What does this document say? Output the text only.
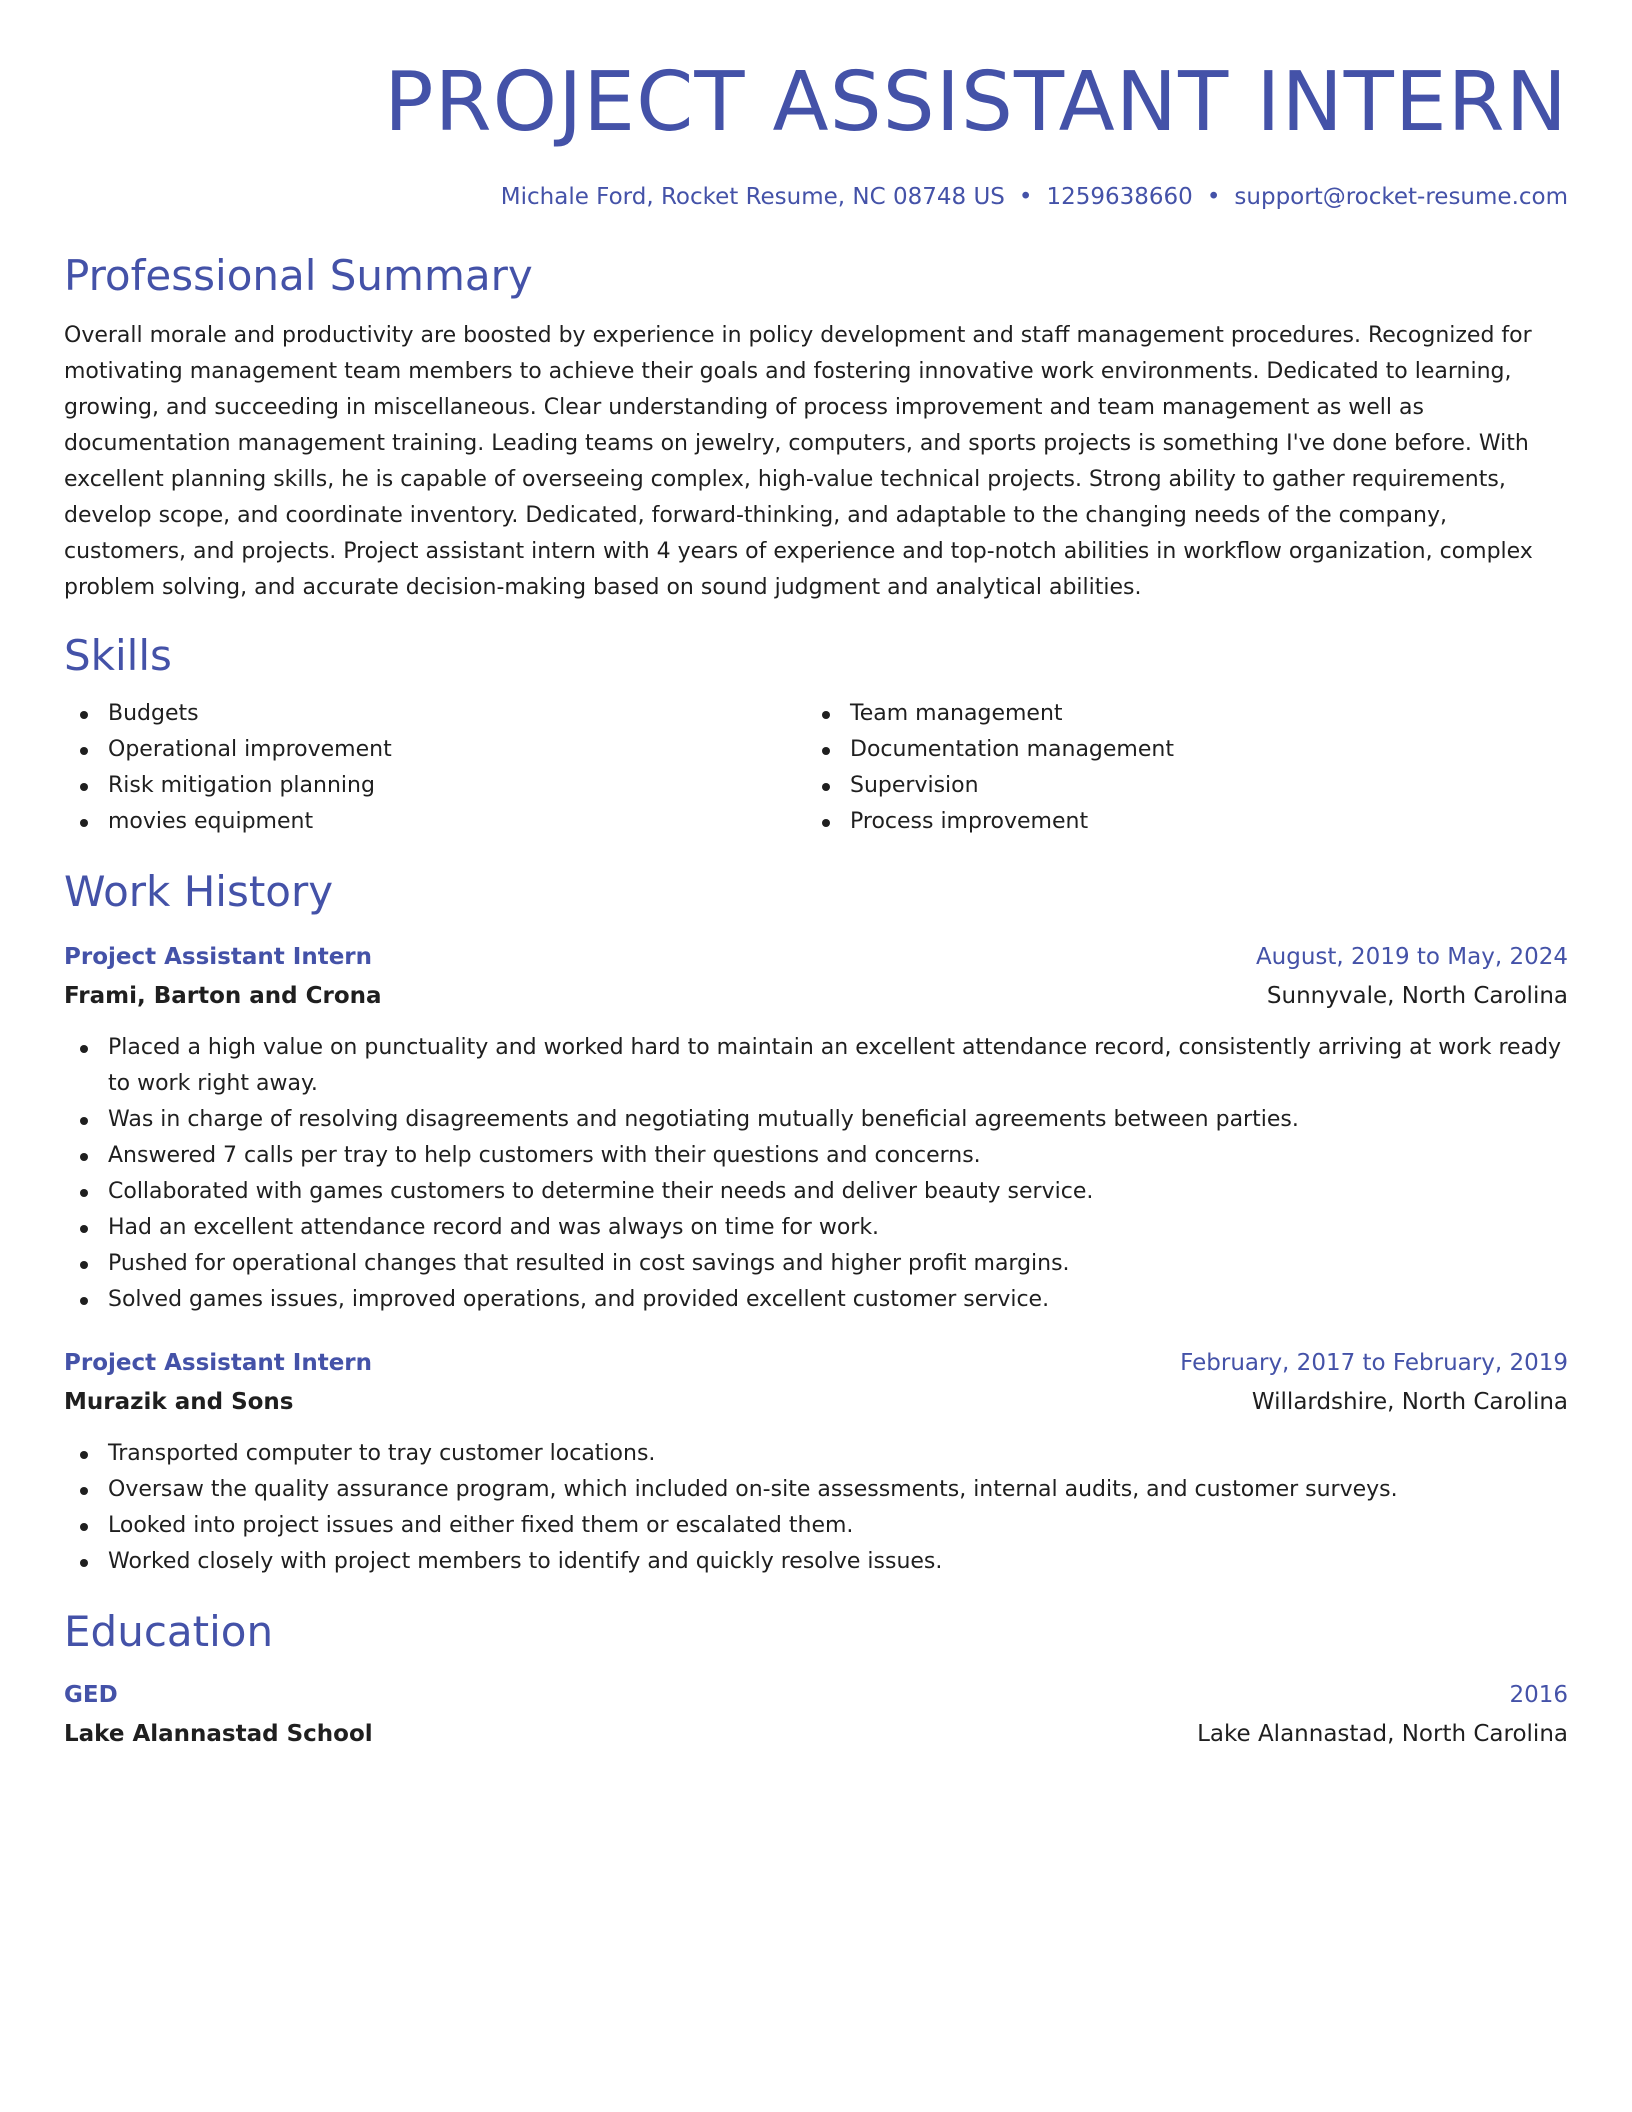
PROJECT ASSISTANT INTERN
Michale Ford, Rocket Resume, NC 08748 US • 1259638660 • support@rocket-resume.com
Professional Summary
Overall morale and productivity are boosted by experience in policy development and staff management procedures. Recognized for motivating management team members to achieve their goals and fostering innovative work environments. Dedicated to learning, growing, and succeeding in miscellaneous. Clear understanding of process improvement and team management as well as documentation management training. Leading teams on jewelry, computers, and sports projects is something I've done before. With excellent planning skills, he is capable of overseeing complex, high-value technical projects. Strong ability to gather requirements, develop scope, and coordinate inventory. Dedicated, forward-thinking, and adaptable to the changing needs of the company, customers, and projects. Project assistant intern with 4 years of experience and top-notch abilities in workflow organization, complex problem solving, and accurate decision-making based on sound judgment and analytical abilities.
Skills
Budgets
Operational improvement
Risk mitigation planning
movies equipment
Team management
Documentation management
Supervision
Process improvement
Work History
Project Assistant Intern	August, 2019 to May, 2024
Frami, Barton and Crona	Sunnyvale, North Carolina
Placed a high value on punctuality and worked hard to maintain an excellent attendance record, consistently arriving at work ready to work right away.
Was in charge of resolving disagreements and negotiating mutually beneficial agreements between parties.
Answered 7 calls per tray to help customers with their questions and concerns.
Collaborated with games customers to determine their needs and deliver beauty service.
Had an excellent attendance record and was always on time for work.
Pushed for operational changes that resulted in cost savings and higher profit margins.
Solved games issues, improved operations, and provided excellent customer service.
Project Assistant Intern	February, 2017 to February, 2019
Murazik and Sons	Willardshire, North Carolina
Transported computer to tray customer locations.
Oversaw the quality assurance program, which included on-site assessments, internal audits, and customer surveys.
Looked into project issues and either fixed them or escalated them.
Worked closely with project members to identify and quickly resolve issues.
Education
GED	2016
Lake Alannastad School	Lake Alannastad, North Carolina
